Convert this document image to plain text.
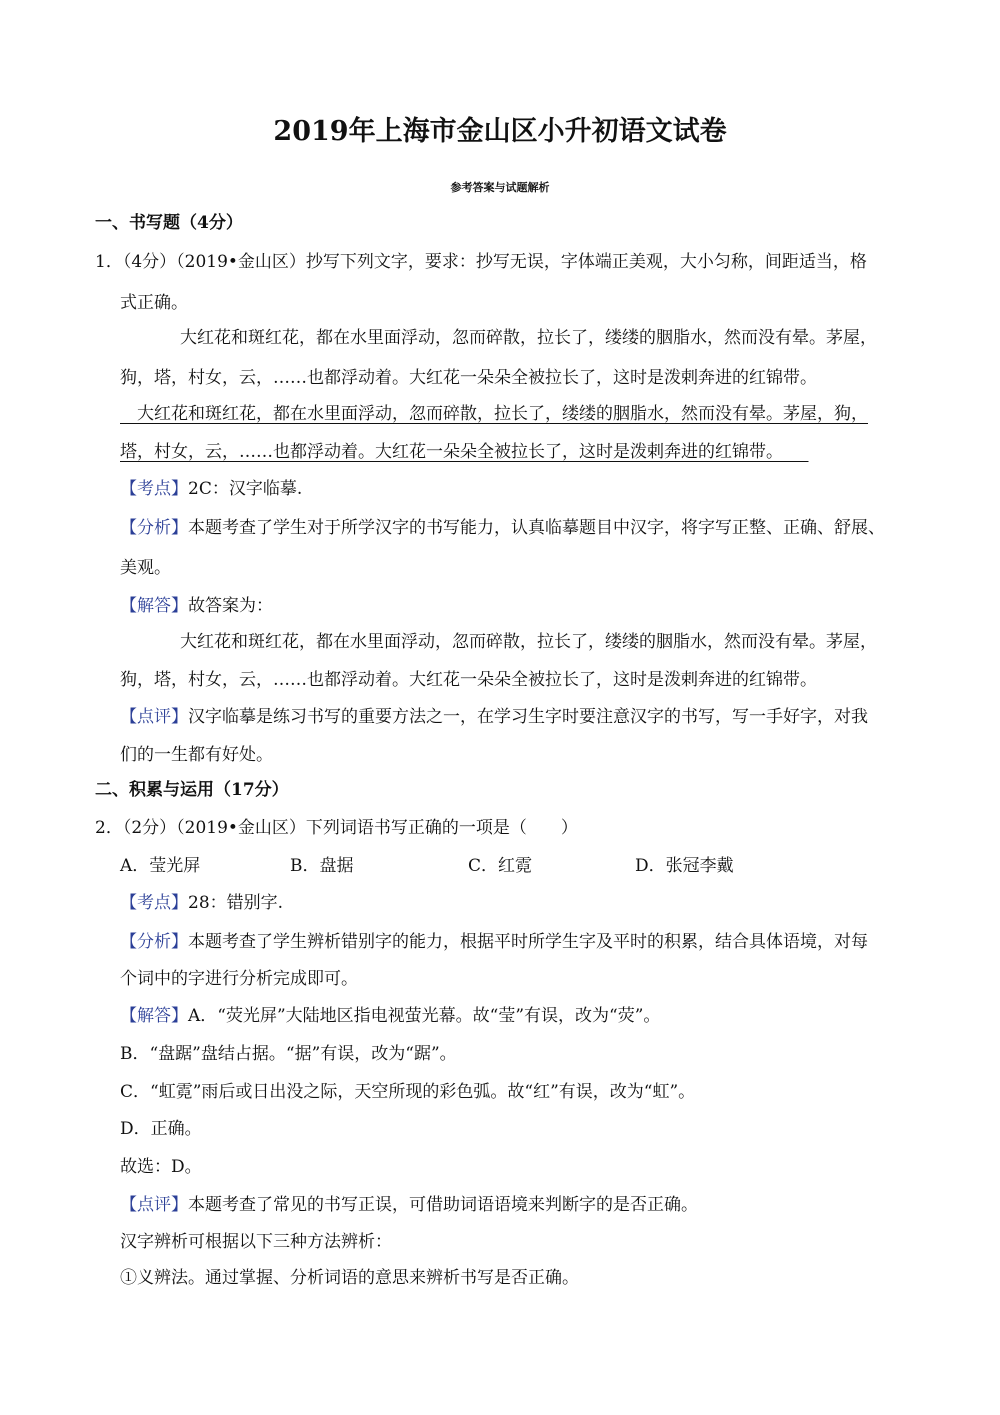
2019年上海市金山区小升初语文试卷
参考答案与试题解析
一、书写题（4分）
1．（4分）（2019•金山区）抄写下列文字，要求：抄写无误，字体端正美观，大小匀称，间距适当，格
式正确。
大红花和斑红花，都在水里面浮动，忽而碎散，拉长了，缕缕的胭脂水，然而没有晕。茅屋，
狗，塔，村女，云，……也都浮动着。大红花一朵朵全被拉长了，这时是泼剌奔进的红锦带。
　大红花和斑红花，都在水里面浮动，忽而碎散，拉长了，缕缕的胭脂水，然而没有晕。茅屋，狗，
塔，村女，云，……也都浮动着。大红花一朵朵全被拉长了，这时是泼剌奔进的红锦带。　　
【考点】2C：汉字临摹.
【分析】本题考查了学生对于所学汉字的书写能力，认真临摹题目中汉字，将字写正整、正确、舒展、
美观。
【解答】故答案为：
大红花和斑红花，都在水里面浮动，忽而碎散，拉长了，缕缕的胭脂水，然而没有晕。茅屋，
狗，塔，村女，云，……也都浮动着。大红花一朵朵全被拉长了，这时是泼剌奔进的红锦带。
【点评】汉字临摹是练习书写的重要方法之一，在学习生字时要注意汉字的书写，写一手好字，对我
们的一生都有好处。
二、积累与运用（17分）
2．（2分）（2019•金山区）下列词语书写正确的一项是（　　）
A．莹光屏	B．盘据	C．红霓	D．张冠李戴
【考点】28：错别字.
【分析】本题考查了学生辨析错别字的能力，根据平时所学生字及平时的积累，结合具体语境，对每
个词中的字进行分析完成即可。
【解答】A．“荧光屏”大陆地区指电视萤光幕。故“莹”有误，改为“荧”。
B．“盘踞”盘结占据。“据”有误，改为“踞”。
C．“虹霓”雨后或日出没之际，天空所现的彩色弧。故“红”有误，改为“虹”。
D．正确。
故选：D。
【点评】本题考查了常见的书写正误，可借助词语语境来判断字的是否正确。
汉字辨析可根据以下三种方法辨析：
①义辨法。通过掌握、分析词语的意思来辨析书写是否正确。
